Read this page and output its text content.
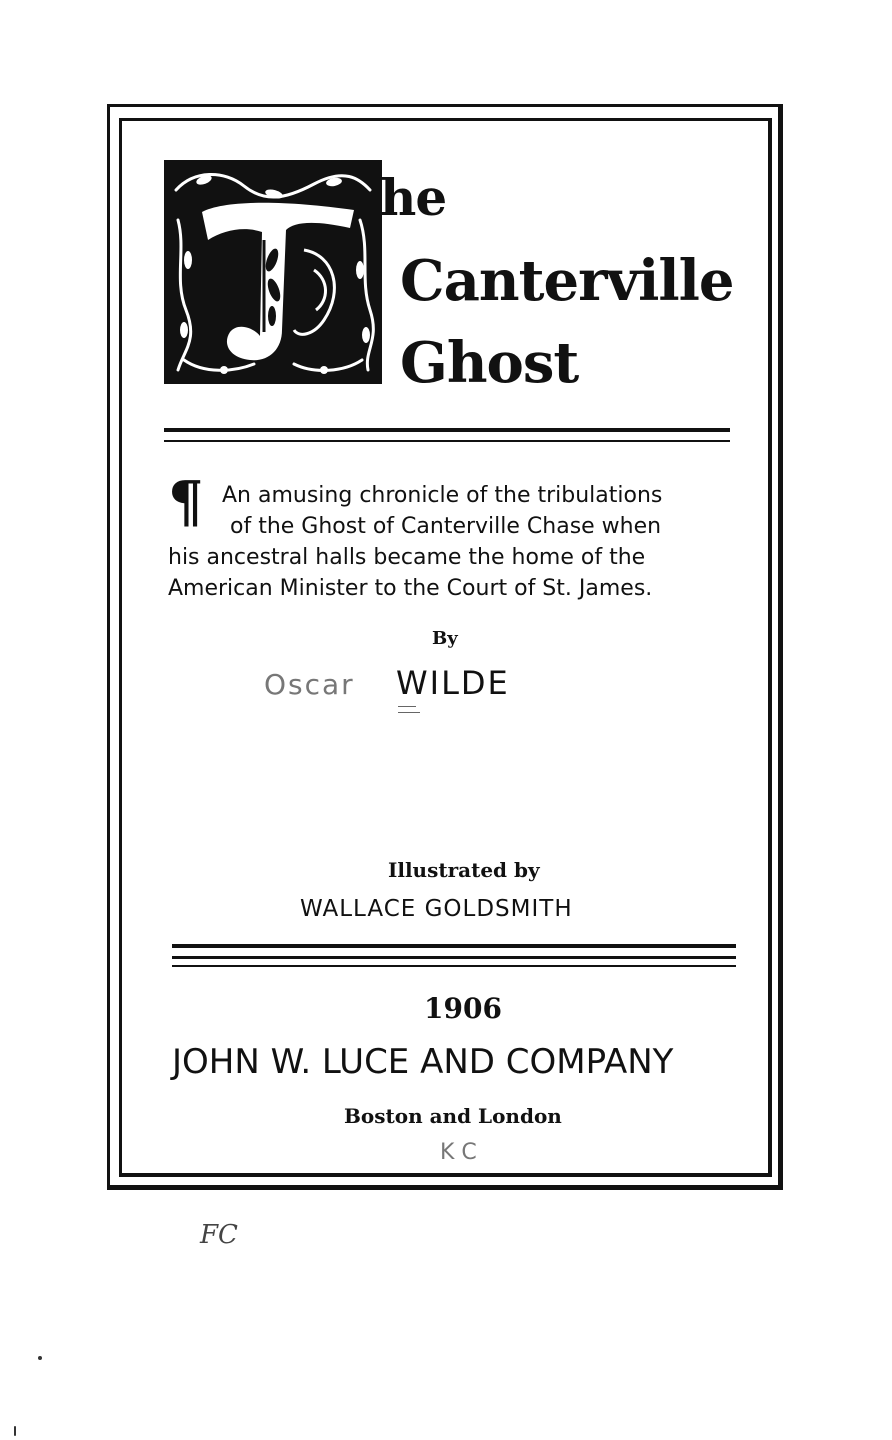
he
Canterville
Ghost
¶ An amusing chronicle of the tribulations
of the Ghost of Canterville Chase when
his ancestral halls became the home of the
American Minister to the Court of St. James.
By
Oscar WILDE
Illustrated by
WALLACE GOLDSMITH
1906
JOHN W. LUCE AND COMPANY
Boston and London
K C
FC
